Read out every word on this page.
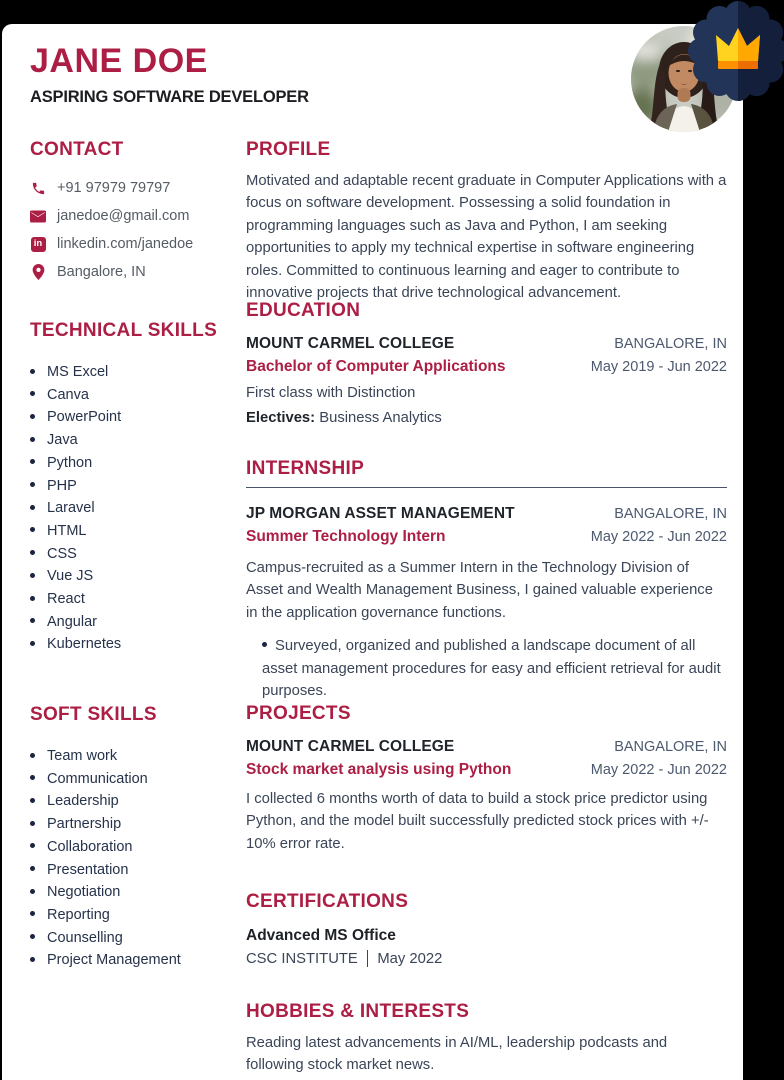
JANE DOE
ASPIRING SOFTWARE DEVELOPER
CONTACT
+91 97979 79797
janedoe@gmail.com
in linkedin.com/janedoe
Bangalore, IN
TECHNICAL SKILLS
MS Excel
Canva
PowerPoint
Java
Python
PHP
Laravel
HTML
CSS
Vue JS
React
Angular
Kubernetes
SOFT SKILLS
Team work
Communication
Leadership
Partnership
Collaboration
Presentation
Negotiation
Reporting
Counselling
Project Management
PROFILE

Motivated and adaptable recent graduate in Computer Applications with a focus on software development. Possessing a solid foundation in programming languages such as Java and Python, I am seeking opportunities to apply my technical expertise in software engineering roles. Committed to continuous learning and eager to contribute to innovative projects that drive technological advancement.

EDUCATION
MOUNT CARMEL COLLEGE	BANGALORE, IN
Bachelor of Computer Applications	May 2019 - Jun 2022
First class with Distinction
Electives: Business Analytics
INTERNSHIP
JP MORGAN ASSET MANAGEMENT	BANGALORE, IN
Summer Technology Intern	May 2022 - Jun 2022

Campus-recruited as a Summer Intern in the Technology Division of Asset and Wealth Management Business, I gained valuable experience in the application governance functions.

Surveyed, organized and published a landscape document of all asset management procedures for easy and efficient retrieval for audit purposes.

PROJECTS
MOUNT CARMEL COLLEGE	BANGALORE, IN
Stock market analysis using Python	May 2022 - Jun 2022

I collected 6 months worth of data to build a stock price predictor using Python, and the model built successfully predicted stock prices with +/- 10% error rate.

CERTIFICATIONS
Advanced MS Office
CSC INSTITUTE May 2022
HOBBIES & INTERESTS

Reading latest advancements in AI/ML, leadership podcasts and following stock market news.
